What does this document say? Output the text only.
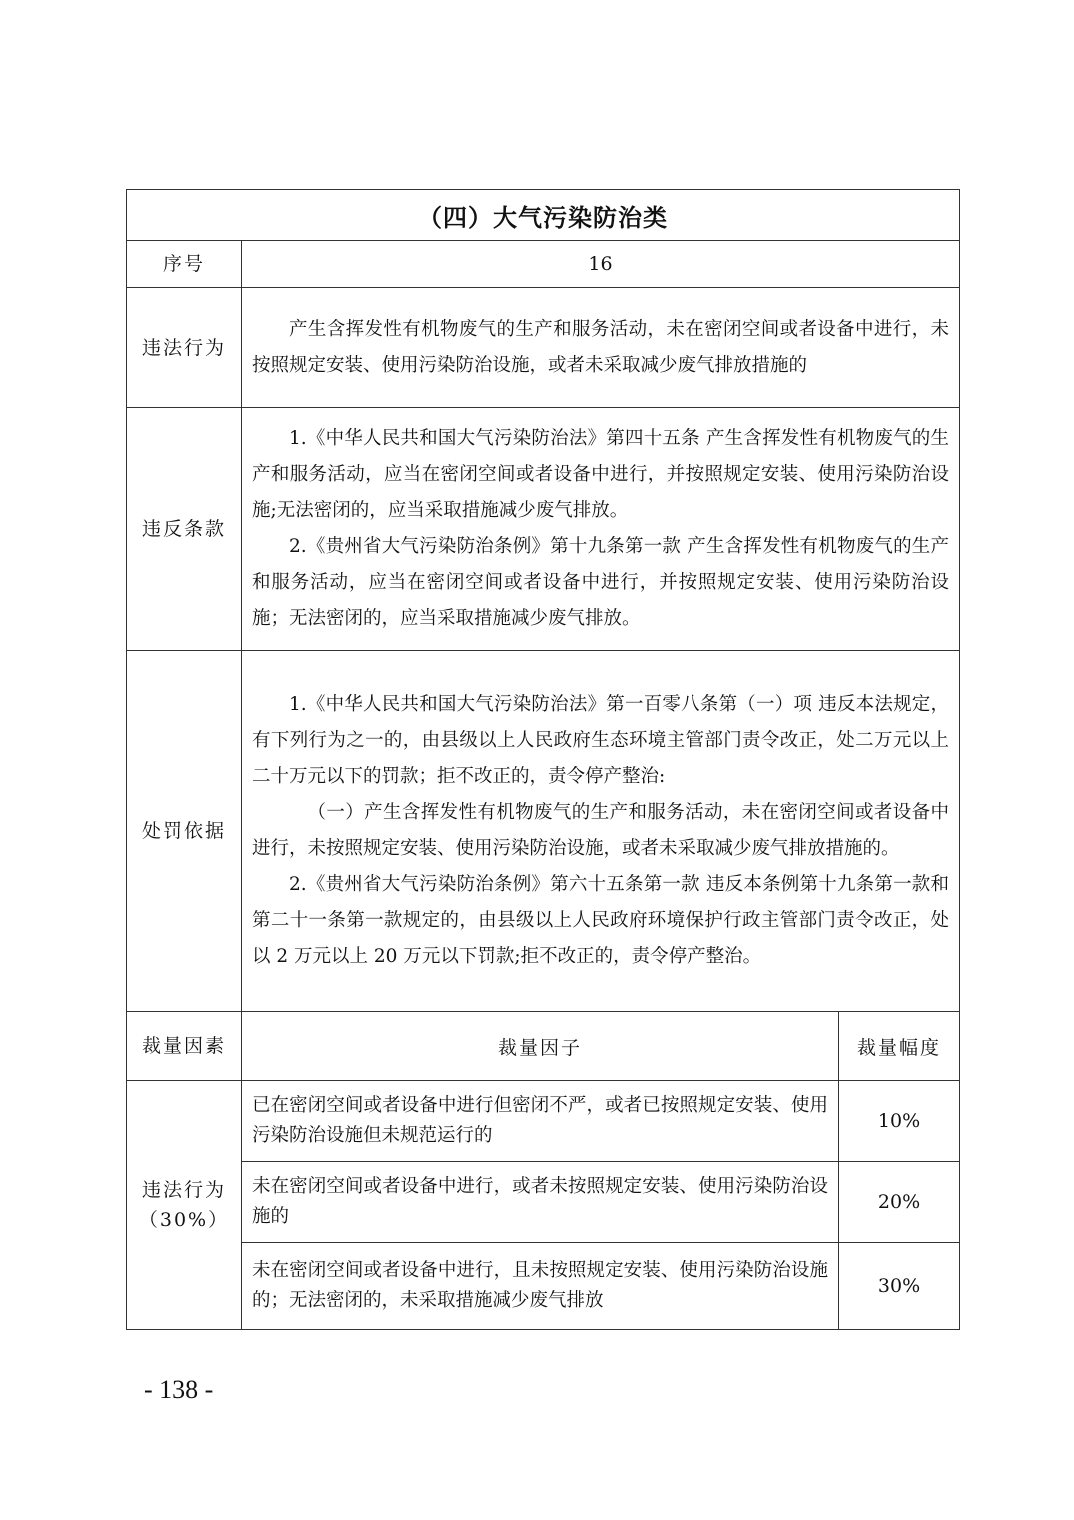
（四）大气污染防治类		
序号	16	
违法行为	产生含挥发性有机物废气的生产和服务活动，未在密闭空间或者设备中进行，未按照规定安装、使用污染防治设施，或者未采取减少废气排放措施的	

违反条款	1.《中华人民共和国大气污染防治法》第四十五条 产生含挥发性有机物废气的生产和服务活动，应当在密闭空间或者设备中进行，并按照规定安装、使用污染防治设施;无法密闭的，应当采取措施减少废气排放。

2.《贵州省大气污染防治条例》第十九条第一款 产生含挥发性有机物废气的生产和服务活动，应当在密闭空间或者设备中进行，并按照规定安装、使用污染防治设施；无法密闭的，应当采取措施减少废气排放。	

处罚依据	1.《中华人民共和国大气污染防治法》第一百零八条第（一）项 违反本法规定，有下列行为之一的，由县级以上人民政府生态环境主管部门责令改正，处二万元以上二十万元以下的罚款；拒不改正的，责令停产整治:

（一）产生含挥发性有机物废气的生产和服务活动，未在密闭空间或者设备中进行，未按照规定安装、使用污染防治设施，或者未采取减少废气排放措施的。

2.《贵州省大气污染防治条例》第六十五条第一款 违反本条例第十九条第一款和第二十一条第一款规定的，由县级以上人民政府环境保护行政主管部门责令改正，处以 2 万元以上 20 万元以下罚款;拒不改正的，责令停产整治。	

裁量因素	裁量因子	裁量幅度

违法行为
（30%）	已在密闭空间或者设备中进行但密闭不严，或者已按照规定安装、使用污染防治设施但未规范运行的	10%
	未在密闭空间或者设备中进行，或者未按照规定安装、使用污染防治设施的	20%
	未在密闭空间或者设备中进行，且未按照规定安装、使用污染防治设施的；无法密闭的，未采取措施减少废气排放	30%
- 138 -
